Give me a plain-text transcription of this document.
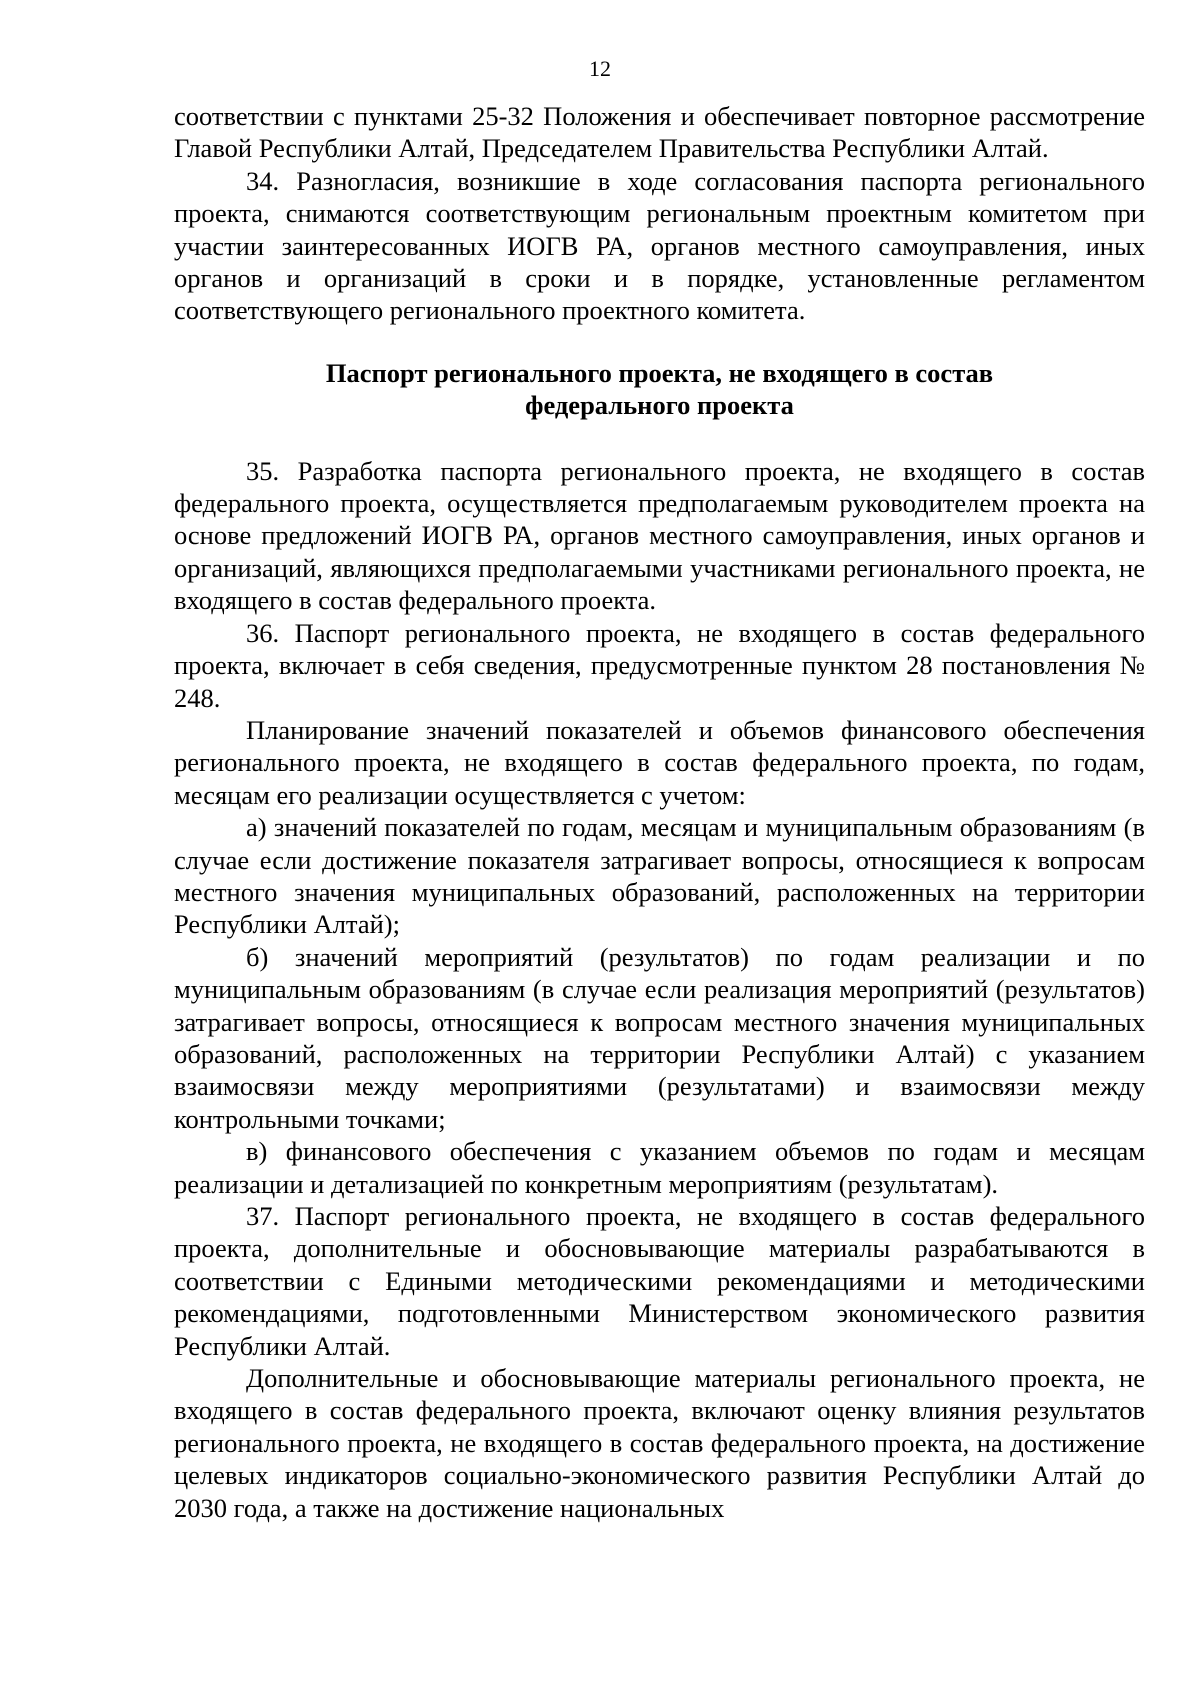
12

соответствии с пунктами 25-32 Положения и обеспечивает повторное рассмотрение Главой Республики Алтай, Председателем Правительства Республики Алтай.

34. Разногласия, возникшие в ходе согласования паспорта регионального проекта, снимаются соответствующим региональным проектным комитетом при участии заинтересованных ИОГВ РА, органов местного самоуправления, иных органов и организаций в сроки и в порядке, установленные регламентом соответствующего регионального проектного комитета.

Паспорт регионального проекта, не входящего в состав
федерального проекта

35. Разработка паспорта регионального проекта, не входящего в состав федерального проекта, осуществляется предполагаемым руководителем проекта на основе предложений ИОГВ РА, органов местного самоуправления, иных органов и организаций, являющихся предполагаемыми участниками регионального проекта, не входящего в состав федерального проекта.

36. Паспорт регионального проекта, не входящего в состав федерального проекта, включает в себя сведения, предусмотренные пунктом 28 постановления № 248.

Планирование значений показателей и объемов финансового обеспечения регионального проекта, не входящего в состав федерального проекта, по годам, месяцам его реализации осуществляется с учетом:

а) значений показателей по годам, месяцам и муниципальным образованиям (в случае если достижение показателя затрагивает вопросы, относящиеся к вопросам местного значения муниципальных образований, расположенных на территории Республики Алтай);

б) значений мероприятий (результатов) по годам реализации и по муниципальным образованиям (в случае если реализация мероприятий (результатов) затрагивает вопросы, относящиеся к вопросам местного значения муниципальных образований, расположенных на территории Республики Алтай) с указанием взаимосвязи между мероприятиями (результатами) и взаимосвязи между контрольными точками;

в) финансового обеспечения с указанием объемов по годам и месяцам реализации и детализацией по конкретным мероприятиям (результатам).

37. Паспорт регионального проекта, не входящего в состав федерального проекта, дополнительные и обосновывающие материалы разрабатываются в соответствии с Едиными методическими рекомендациями и методическими рекомендациями, подготовленными Министерством экономического развития Республики Алтай.

Дополнительные и обосновывающие материалы регионального проекта, не входящего в состав федерального проекта, включают оценку влияния результатов регионального проекта, не входящего в состав федерального проекта, на достижение целевых индикаторов социально-экономического развития Республики Алтай до 2030 года, а также на достижение национальных
